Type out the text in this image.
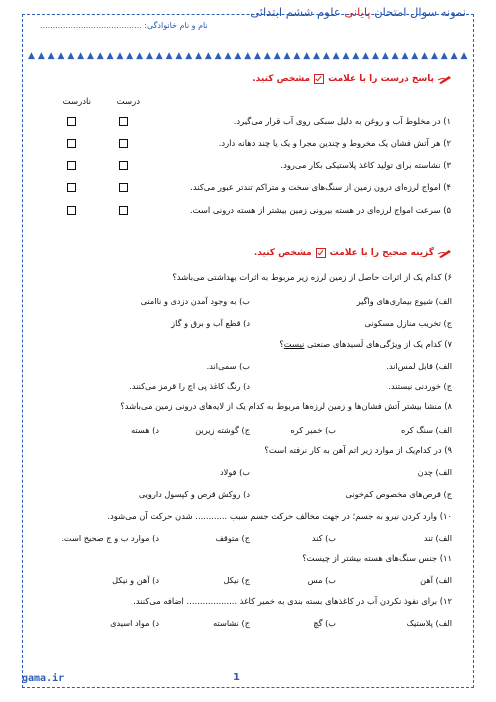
نمونه سوال امتحان پایانی علوم ششم ابتدائی
نام و نام خانوادگی: ........................................
▲ ▲ ▲ ▲ ▲ ▲ ▲ ▲ ▲ ▲ ▲ ▲ ▲ ▲ ▲ ▲ ▲ ▲ ▲ ▲ ▲ ▲ ▲ ▲ ▲ ▲ ▲ ▲ ▲ ▲ ▲ ▲ ▲ ▲ ▲ ▲ ▲ ▲ ▲ ▲ ▲ ▲ ▲ ▲ ▲
پاسخ درست را با علامت
مشخص کنید.
درست
نادرست
۱) در مخلوط آب و روغن به دلیل سبکی روی آب قرار می‌گیرد.
۲) هر آتش فشان یک مخروط و چندین مجرا و یک یا چند دهانه دارد.
۳) نشاسته برای تولید کاغذ پلاستیکی بکار می‌رود.
۴) امواج لرزه‌ای درون زمین از سنگ‌های سخت و متراکم تندتر عبور می‌کند.
۵) سرعت امواج لرزه‌ای در هسته بیرونی زمین بیشتر از هسته درونی است.
گزینه صحیح را با علامت
مشخص کنید.
۶) کدام یک از اثرات حاصل از زمین لرزه زیر مربوط به اثرات بهداشتی می‌باشد؟
الف) شیوع بیماری‌های واگیر
ب) به وجود آمدن دزدی و ناامنی
ج) تخریب منازل مسکونی
د) قطع آب و برق و گاز
۷) کدام یک از ویژگی‌های لَسیدهای صنعتی نیست؟
الف) قابل لمس‌اند.
ب) سمی‌اند.
ج) خوردنی نیستند.
د) رنگ کاغذ پی اچ را قرمز می‌کنند.
۸) منشا بیشتر آتش فشان‌ها و زمین لرزه‌ها مربوط به کدام یک از لایه‌های درونی زمین می‌باشد؟
الف) سنگ کره
ب) خمیر کره
ج) گوشته زیرین
د) هسته
۹) در کدام‌یک از موارد زیر اتم آهن به کار نرفته است؟
الف) چدن
ب) فولاد
ج) قرص‌های مخصوص کم‌خونی
د) روکش قرص و کپسول دارویی
۱۰) وارد کردن نیرو به جسم؛ در جهت مخالف حرکت جسم سبب ............ شدن حرکت آن می‌شود.
الف) تند
ب) کند
ج) متوقف
د) موارد ب و ج صحیح است.
۱۱) جنس سنگ‌های هسته بیشتر از چیست؟
الف) آهن
ب) مس
ج) نیکل
د) آهن و نیکل
۱۲) برای نفوذ نکردن آب در کاغذهای بسته بندی به خمیر کاغذ ................... اضافه می‌کنند.
الف) پلاستیک
ب) گچ
ج) نشاسته
د) مواد اسیدی
gama.ir	1
